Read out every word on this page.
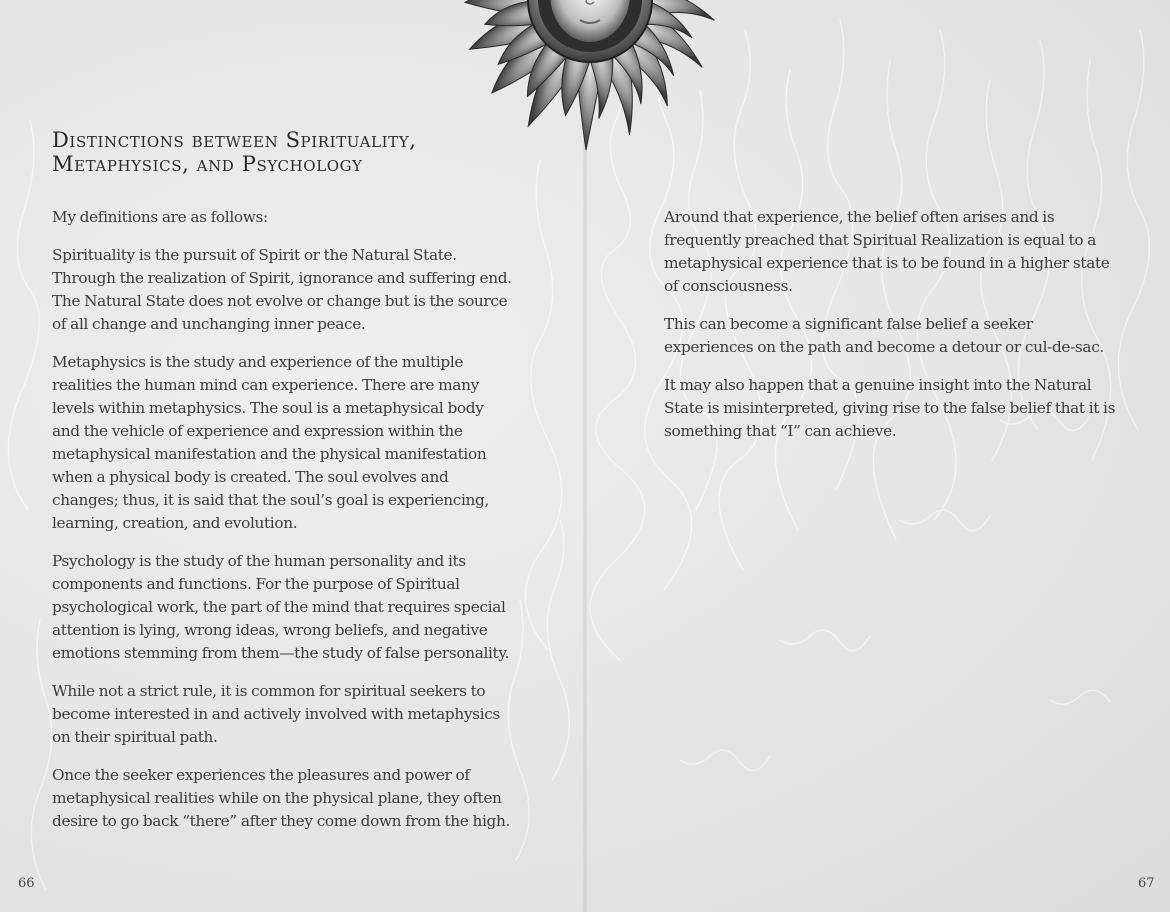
Distinctions between Spirituality,
Metaphysics, and Psychology

My definitions are as follows:

Spirituality is the pursuit of Spirit or the Natural State. Through the realization of Spirit, ignorance and suffering end. The Natural State does not evolve or change but is the source of all change and unchanging inner peace.

Metaphysics is the study and experience of the multiple realities the human mind can experience. There are many levels within metaphysics. The soul is a metaphysical body and the vehicle of experience and expression within the metaphysical manifestation and the physical manifestation when a physical body is created. The soul evolves and changes; thus, it is said that the soul’s goal is experiencing, learning, creation, and evolution.

Psychology is the study of the human personality and its components and functions. For the purpose of Spiritual psychological work, the part of the mind that requires special attention is lying, wrong ideas, wrong beliefs, and negative emotions stemming from them—the study of false personality.

While not a strict rule, it is common for spiritual seekers to become interested in and actively involved with metaphysics on their spiritual path.

Once the seeker experiences the pleasures and power of metaphysical realities while on the physical plane, they often desire to go back “there” after they come down from the high.

Around that experience, the belief often arises and is frequently preached that Spiritual Realization is equal to a metaphysical experience that is to be found in a higher state of consciousness.

This can become a significant false belief a seeker experiences on the path and become a detour or cul-de-sac.

It may also happen that a genuine insight into the Natural State is misinterpreted, giving rise to the false belief that it is something that “I” can achieve.

66	67
